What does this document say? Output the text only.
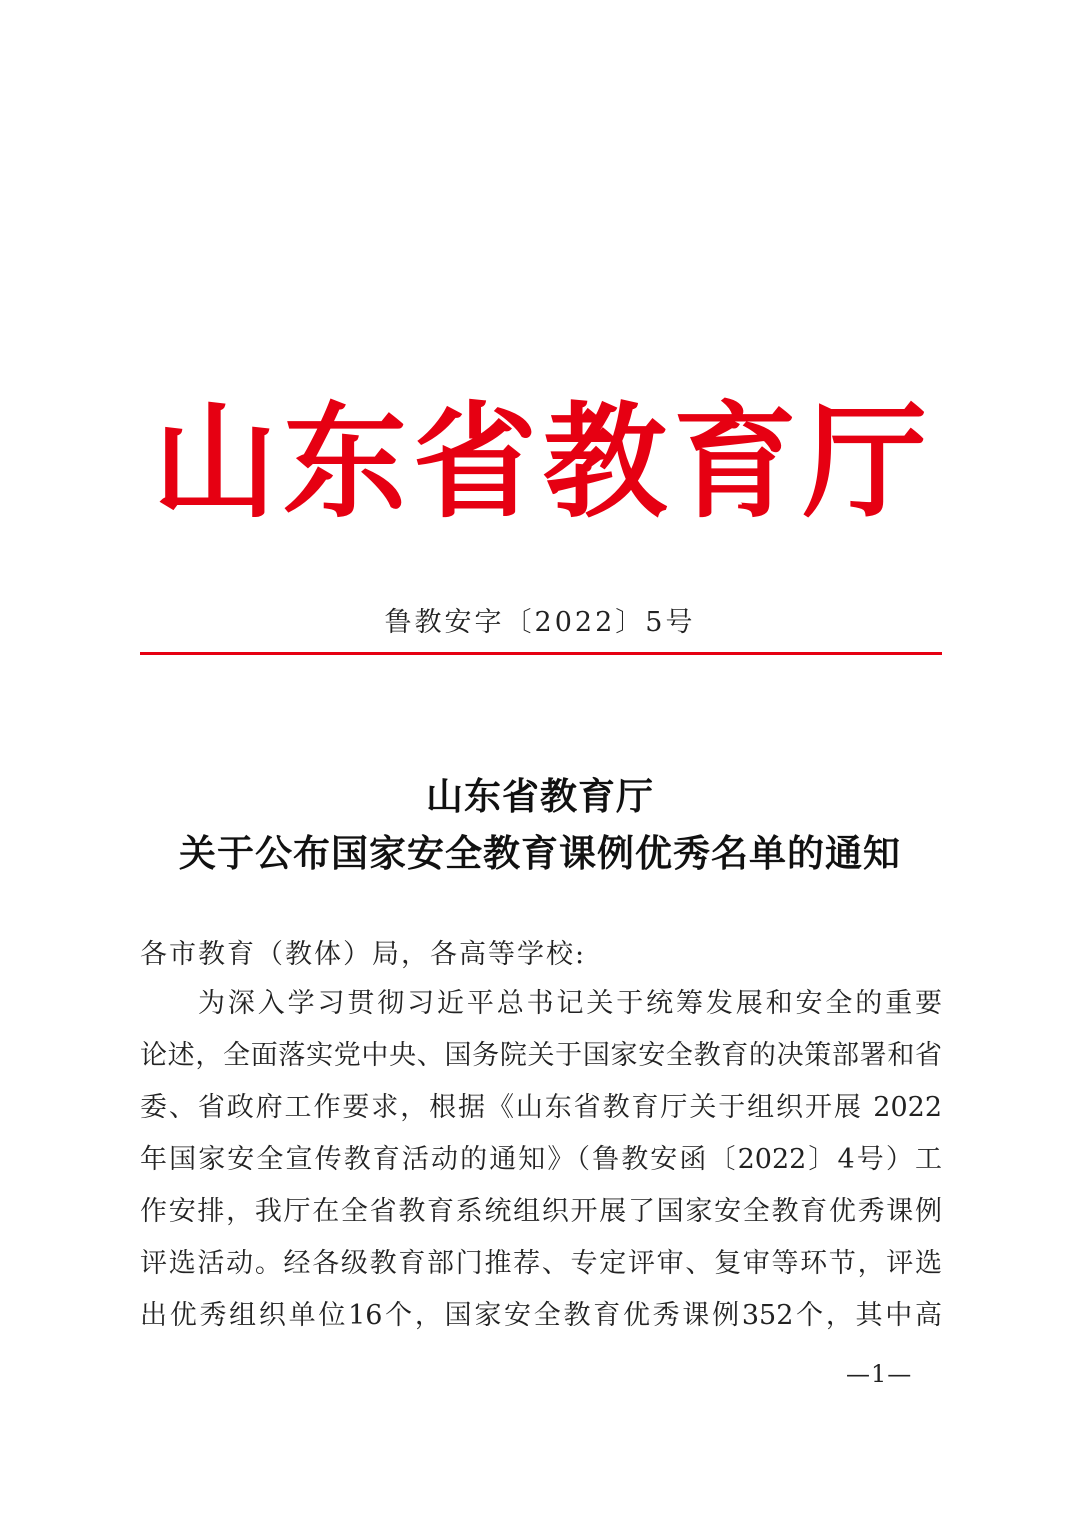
山 东 省 教 育 厅
鲁教安字〔2022〕5号
山东省教育厅
关于公布国家安全教育课例优秀名单的通知
各市教育（教体）局，各高等学校:
为深入学习贯彻习近平总书记关于统筹发展和安全的重要
论述，全面落实党中央、国务院关于国家安全教育的决策部署和省
委、省政府工作要求，根据《山东省教育厅关于组织开展 2022
年国家安全宣传教育活动的通知》（鲁教安函〔2022〕4号）工
作安排，我厅在全省教育系统组织开展了国家安全教育优秀课例
评选活动。经各级教育部门推荐、专定评审、复审等环节，评选
出优秀组织单位16个，国家安全教育优秀课例352个，其中高
—1—
